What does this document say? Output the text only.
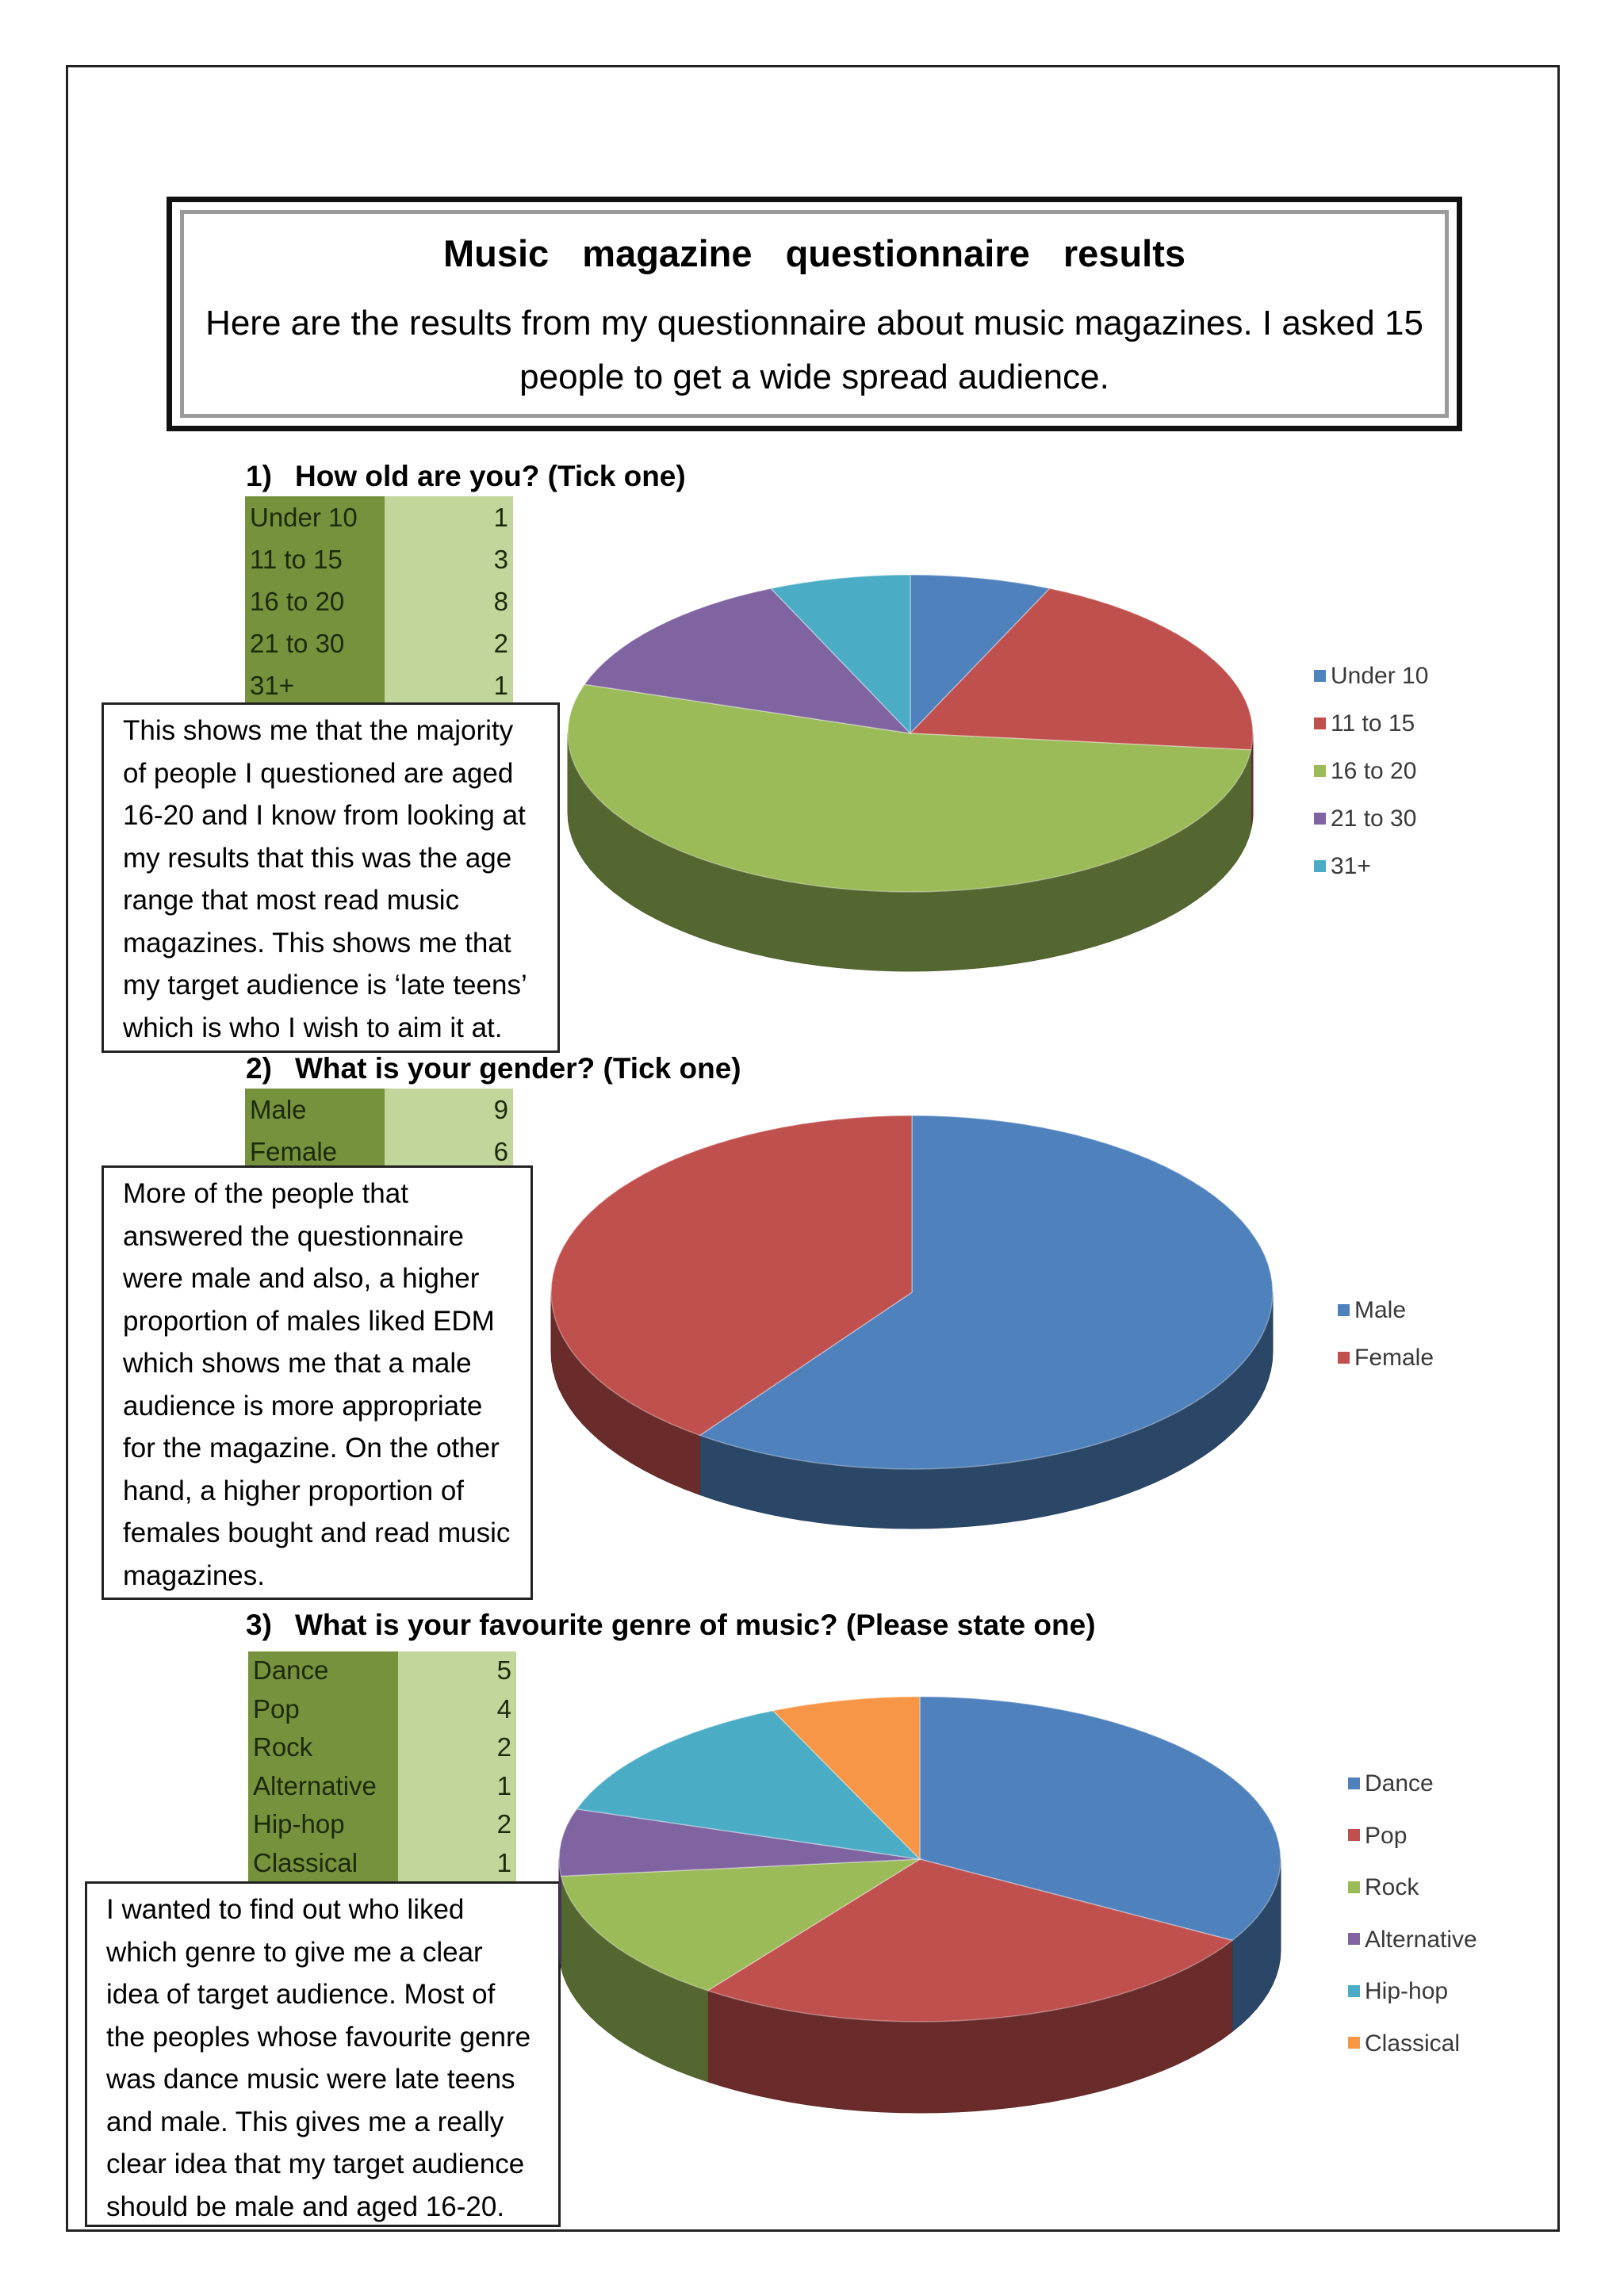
Music  magazine  questionnaire  results
Here are the results from my questionnaire about music magazines. I asked 15 people to get a wide spread audience.
1) How old are you? (Tick one)
Under 10	1
11 to 15	3
16 to 20	8
21 to 30	2
31+	1
This shows me that the majority of people I questioned are aged 16-20 and I know from looking at my results that this was the age range that most read music magazines. This shows me that my target audience is ‘late teens’ which is who I wish to aim it at.
Under 10
11 to 15
16 to 20
21 to 30
31+
2) What is your gender? (Tick one)
Male	9
Female	6
More of the people that answered the questionnaire were male and also, a higher proportion of males liked EDM which shows me that a male audience is more appropriate for the magazine. On the other hand, a higher proportion of females bought and read music magazines.
Male
Female
3) What is your favourite genre of music? (Please state one)
Dance	5
Pop	4
Rock	2
Alternative	1
Hip-hop	2
Classical	1
I wanted to find out who liked which genre to give me a clear idea of target audience. Most of the peoples whose favourite genre was dance music were late teens and male. This gives me a really clear idea that my target audience should be male and aged 16-20.
Dance
Pop
Rock
Alternative
Hip-hop
Classical
